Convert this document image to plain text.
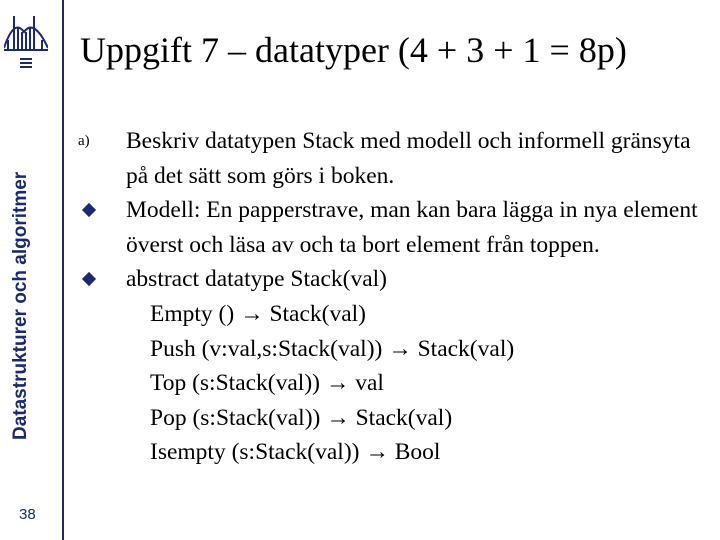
Datastrukturer och algoritmer
38
Uppgift 7 – datatyper (4 + 3 + 1 = 8p)
a)	Beskriv datatypen Stack med modell och informell gränsyta på det sätt som görs i boken.
Modell: En papperstrave, man kan bara lägga in nya element överst och läsa av och ta bort element från toppen.
abstract datatype Stack(val)
Empty () → Stack(val)
Push (v:val,s:Stack(val)) → Stack(val)
Top (s:Stack(val)) → val
Pop (s:Stack(val)) → Stack(val)
Isempty (s:Stack(val)) → Bool
